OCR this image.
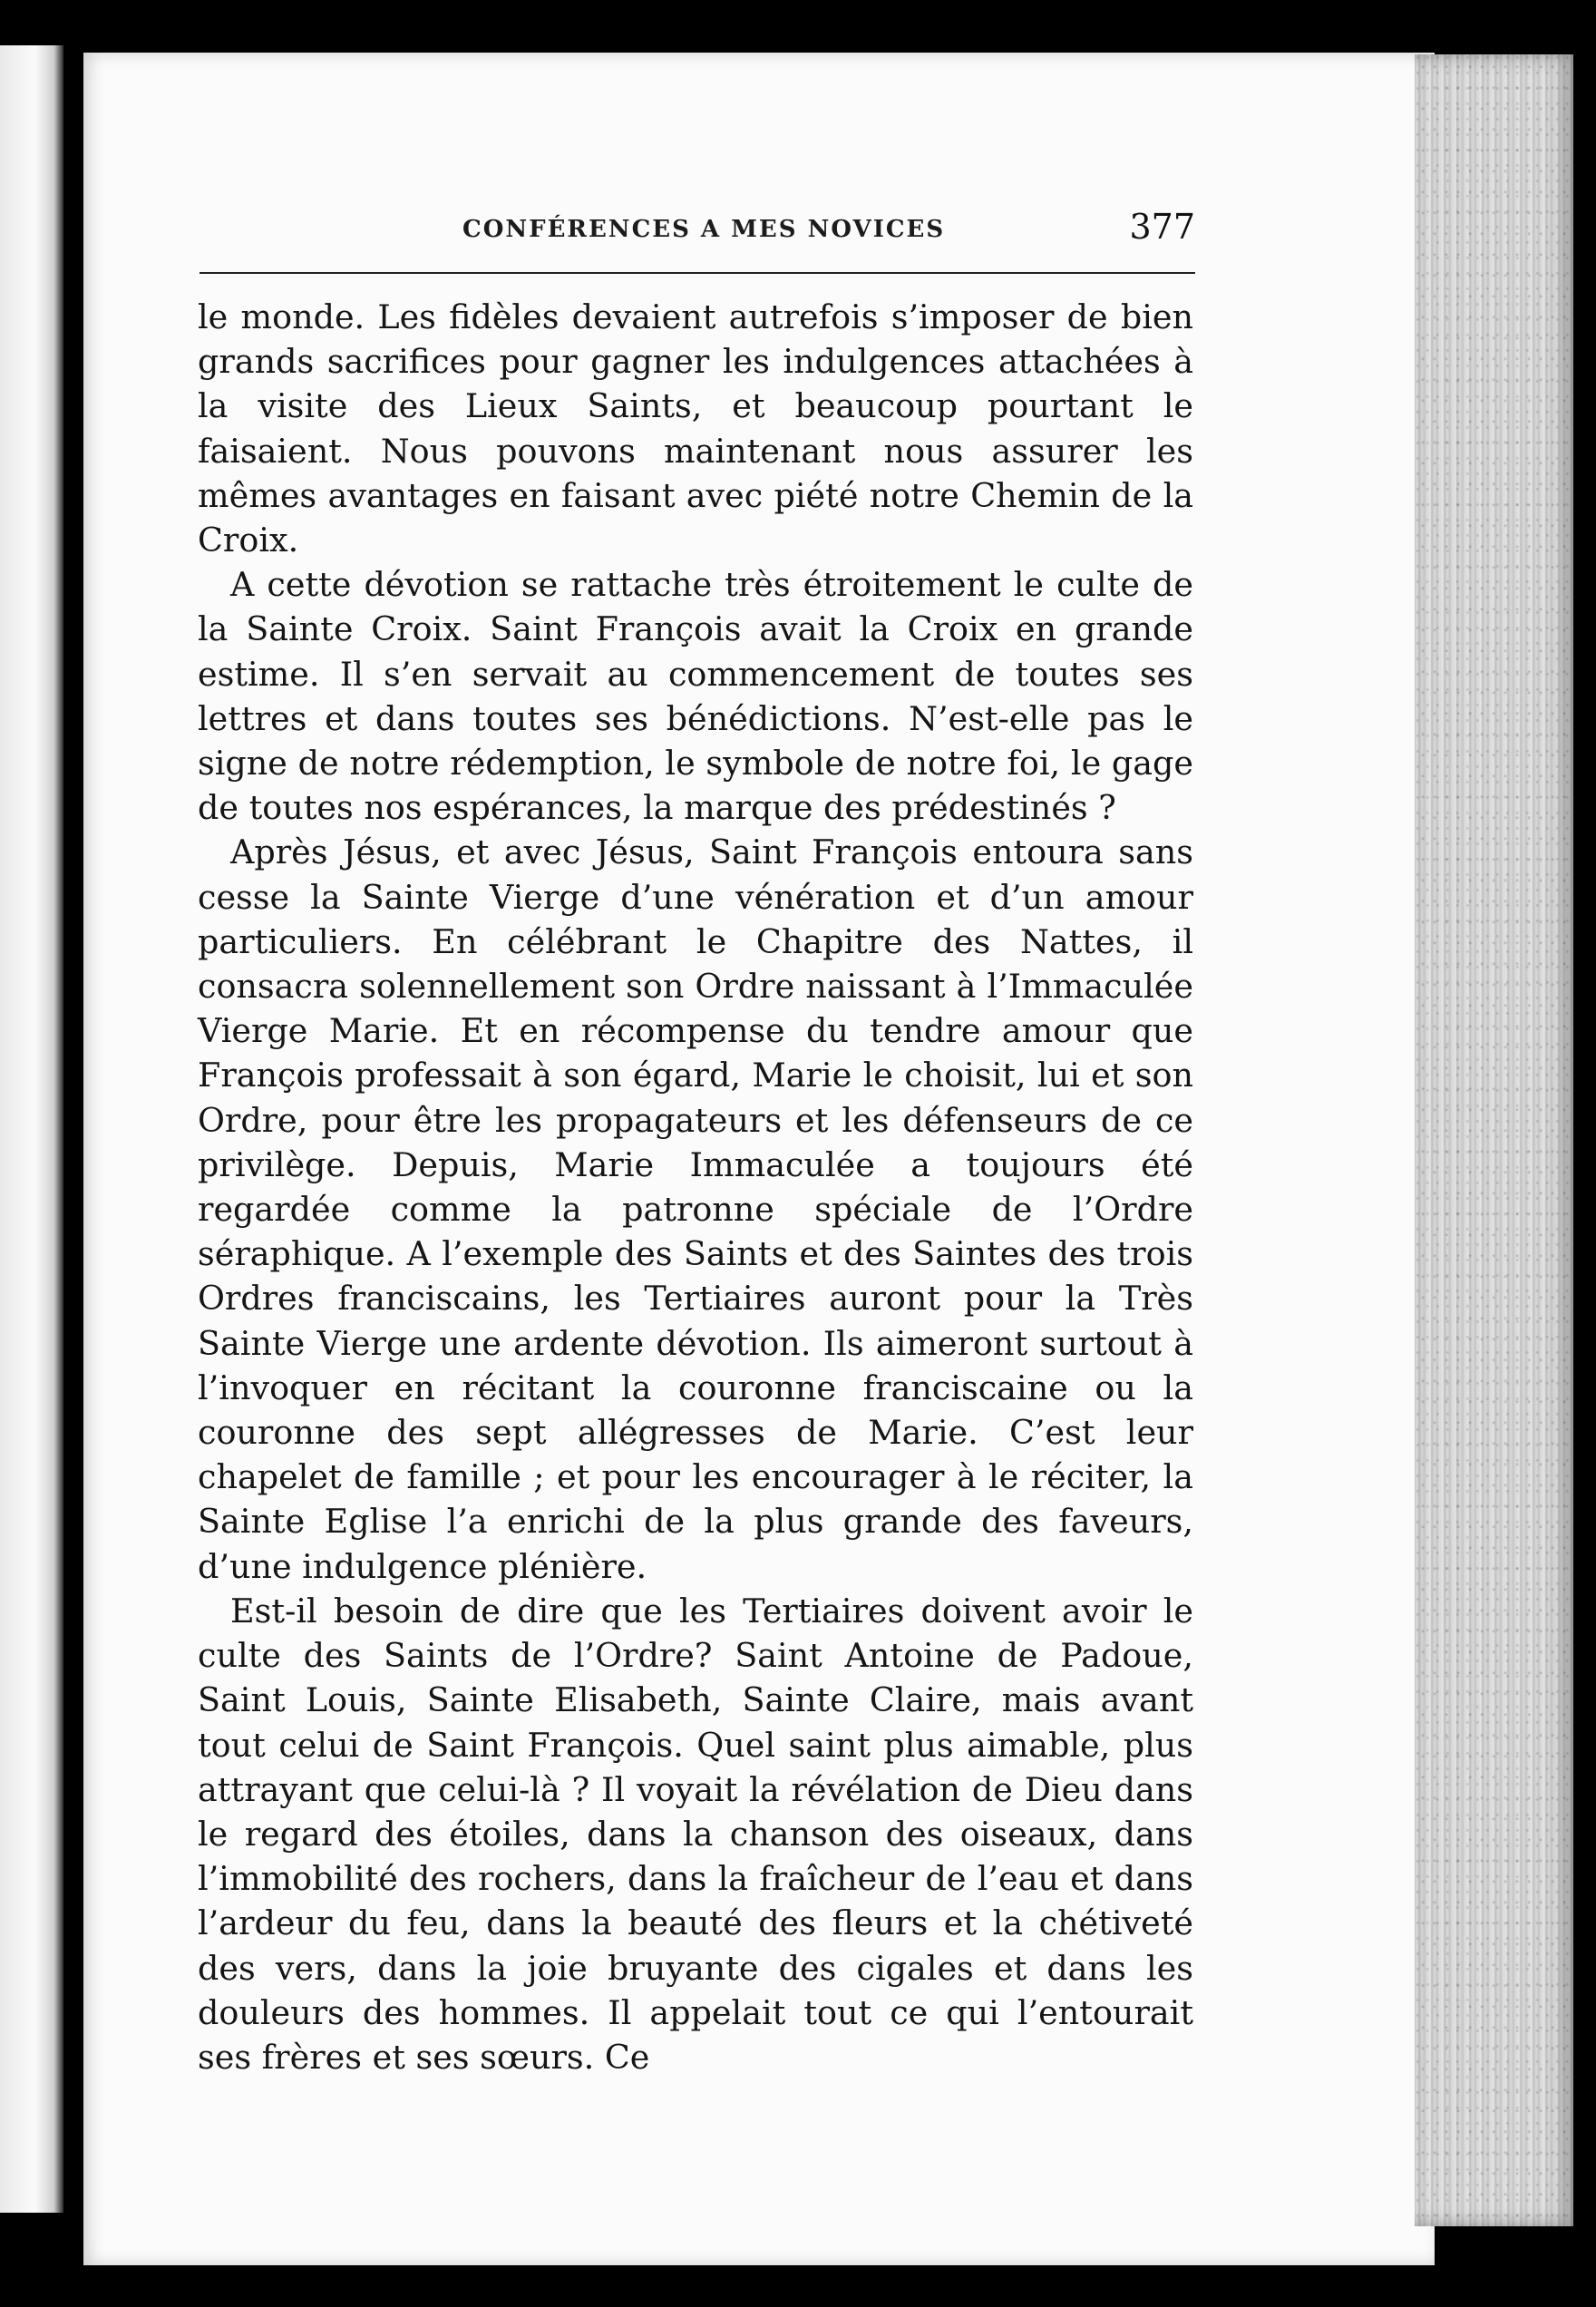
CONFÉRENCES A MES NOVICES	377

le monde. Les fidèles devaient autrefois s’imposer de bien grands sacrifices pour gagner les indulgences attachées à la visite des Lieux Saints, et beaucoup pourtant le faisaient. Nous pouvons maintenant nous assurer les mêmes avantages en faisant avec piété notre Chemin de la Croix.

A cette dévotion se rattache très étroitement le culte de la Sainte Croix. Saint François avait la Croix en grande estime. Il s’en servait au commencement de toutes ses lettres et dans toutes ses bénédictions. N’est-elle pas le signe de notre rédemption, le symbole de notre foi, le gage de toutes nos espérances, la marque des prédestinés ?

Après Jésus, et avec Jésus, Saint François entoura sans cesse la Sainte Vierge d’une vénération et d’un amour particuliers. En célébrant le Chapitre des Nattes, il consacra solennellement son Ordre naissant à l’Immaculée Vierge Marie. Et en récompense du tendre amour que François professait à son égard, Marie le choisit, lui et son Ordre, pour être les propagateurs et les défenseurs de ce privilège. Depuis, Marie Immaculée a toujours été regardée comme la patronne spéciale de l’Ordre séraphique. A l’exemple des Saints et des Saintes des trois Ordres franciscains, les Tertiaires auront pour la Très Sainte Vierge une ardente dévotion. Ils aimeront surtout à l’invoquer en récitant la couronne franciscaine ou la couronne des sept allégresses de Marie. C’est leur chapelet de famille ; et pour les encourager à le réciter, la Sainte Eglise l’a enrichi de la plus grande des faveurs, d’une indulgence plénière.

Est-il besoin de dire que les Tertiaires doivent avoir le culte des Saints de l’Ordre? Saint Antoine de Padoue, Saint Louis, Sainte Elisabeth, Sainte Claire, mais avant tout celui de Saint François. Quel saint plus aimable, plus attrayant que celui-là ? Il voyait la révélation de Dieu dans le regard des étoiles, dans la chanson des oiseaux, dans l’immobilité des rochers, dans la fraîcheur de l’eau et dans l’ardeur du feu, dans la beauté des fleurs et la chétiveté des vers, dans la joie bruyante des cigales et dans les douleurs des hommes. Il appelait tout ce qui l’entourait ses frères et ses sœurs. Ce
